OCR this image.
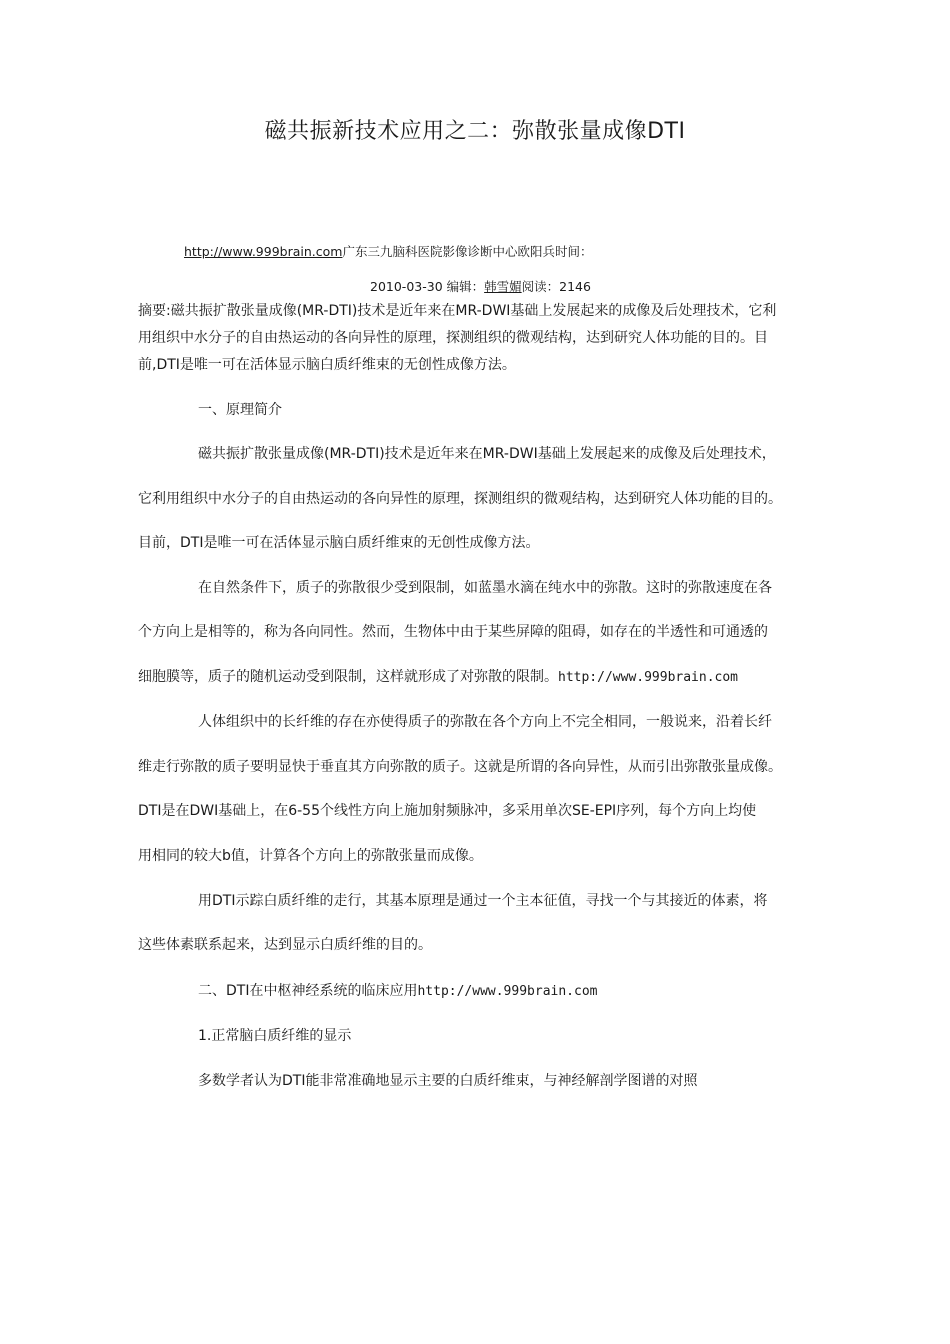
磁共振新技术应用之二：弥散张量成像DTI
http://www.999brain.com广东三九脑科医院影像诊断中心欧阳兵时间：
2010-03-30 编辑：韩雪媚阅读：2146
摘要:磁共振扩散张量成像(MR-DTI)技术是近年来在MR-DWI基础上发展起来的成像及后处理技术，它利
用组织中水分子的自由热运动的各向异性的原理，探测组织的微观结构，达到研究人体功能的目的。目
前,DTI是唯一可在活体显示脑白质纤维束的无创性成像方法。
一、原理简介
磁共振扩散张量成像(MR-DTI)技术是近年来在MR-DWI基础上发展起来的成像及后处理技术，
它利用组织中水分子的自由热运动的各向异性的原理，探测组织的微观结构，达到研究人体功能的目的。
目前，DTI是唯一可在活体显示脑白质纤维束的无创性成像方法。
在自然条件下，质子的弥散很少受到限制，如蓝墨水滴在纯水中的弥散。这时的弥散速度在各
个方向上是相等的，称为各向同性。然而，生物体中由于某些屏障的阻碍，如存在的半透性和可通透的
细胞膜等，质子的随机运动受到限制，这样就形成了对弥散的限制。http://www.999brain.com
人体组织中的长纤维的存在亦使得质子的弥散在各个方向上不完全相同，一般说来，沿着长纤
维走行弥散的质子要明显快于垂直其方向弥散的质子。这就是所谓的各向异性，从而引出弥散张量成像。
DTI是在DWI基础上，在6-55个线性方向上施加射频脉冲，多采用单次SE-EPI序列，每个方向上均使
用相同的较大b值，计算各个方向上的弥散张量而成像。
用DTI示踪白质纤维的走行，其基本原理是通过一个主本征值，寻找一个与其接近的体素，将
这些体素联系起来，达到显示白质纤维的目的。
二、DTI在中枢神经系统的临床应用http://www.999brain.com
1.正常脑白质纤维的显示
多数学者认为DTI能非常准确地显示主要的白质纤维束，与神经解剖学图谱的对照
